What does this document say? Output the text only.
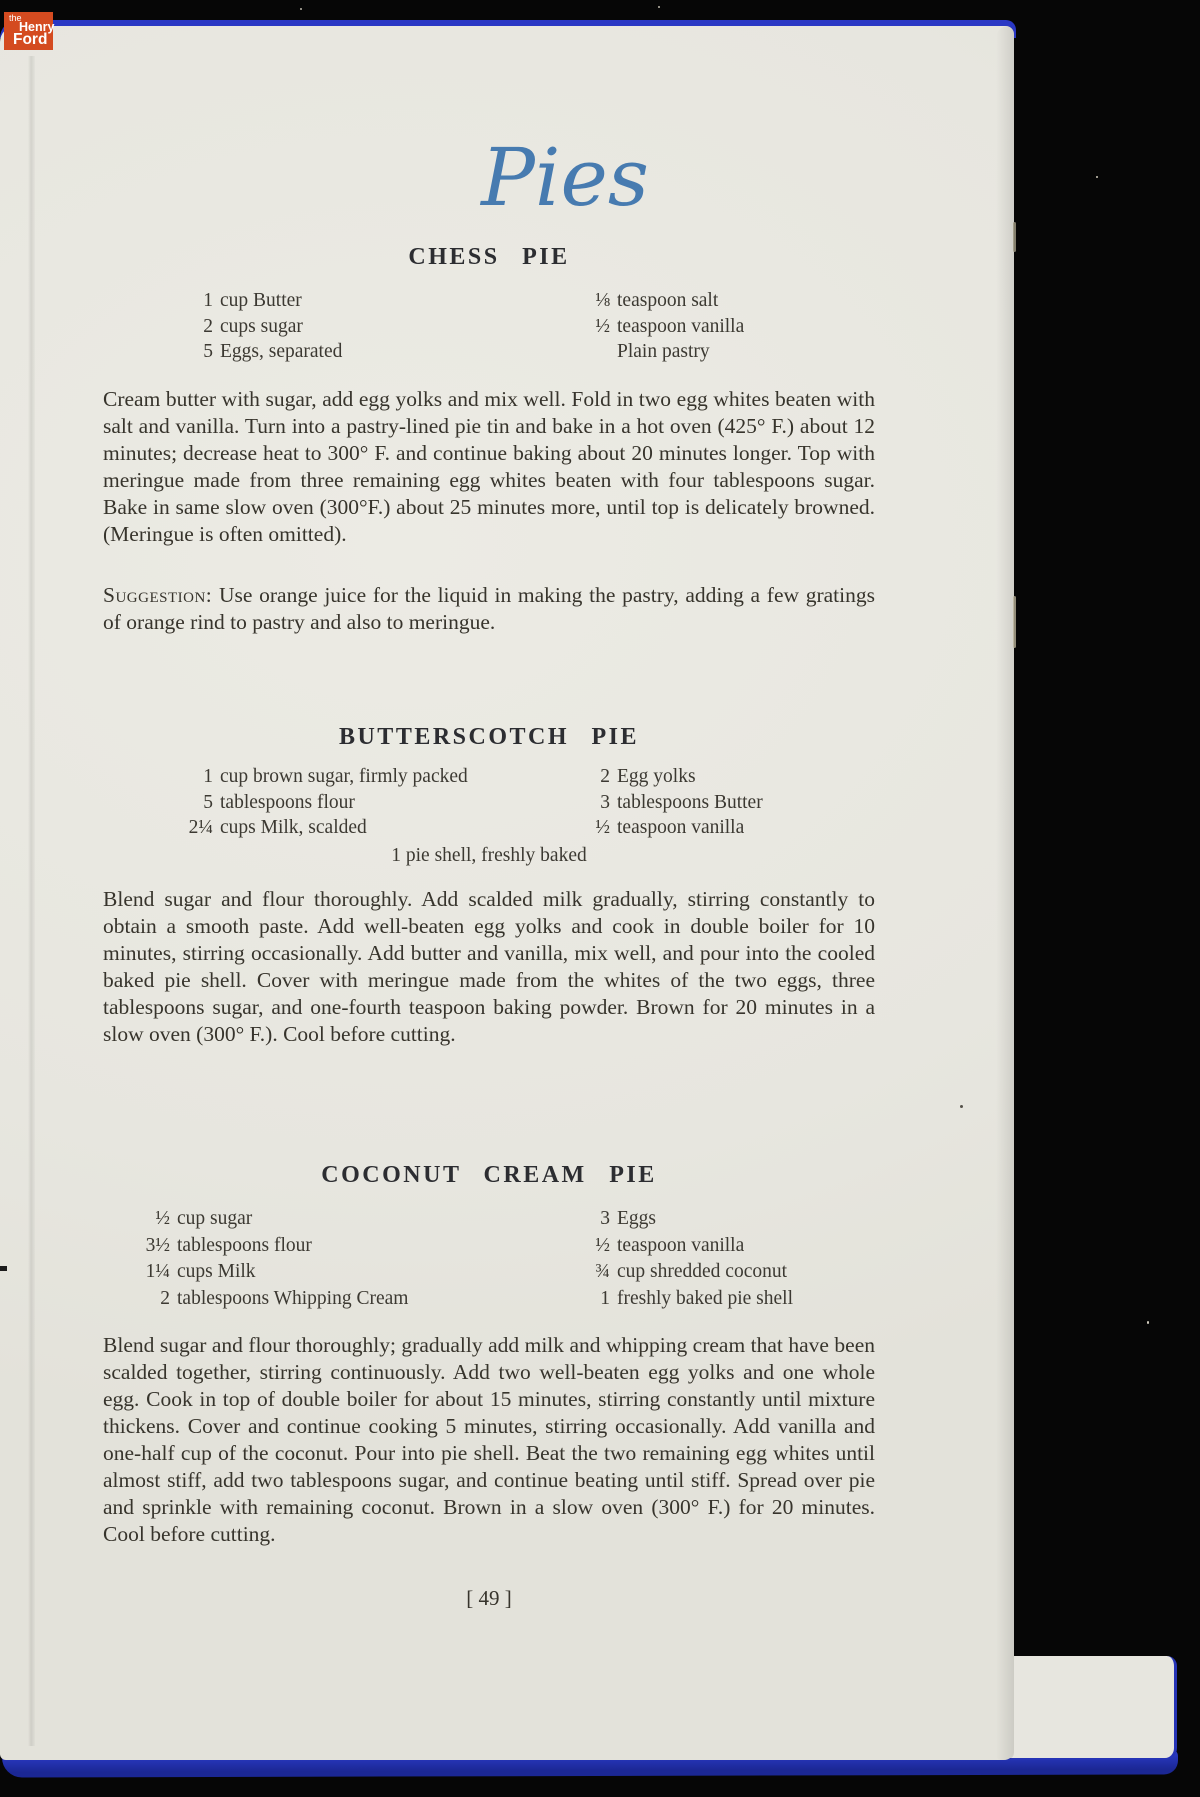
Pies
CHESS PIE
1 cup Butter
2 cups sugar
5 Eggs, separated
⅛ teaspoon salt
½ teaspoon vanilla
Plain pastry

Cream butter with sugar, add egg yolks and mix well. Fold in two egg whites beaten with salt and vanilla. Turn into a pastry-lined pie tin and bake in a hot oven (425° F.) about 12 minutes; decrease heat to 300° F. and continue baking about 20 minutes longer. Top with meringue made from three remaining egg whites beaten with four tablespoons sugar. Bake in same slow oven (300°F.) about 25 minutes more, until top is delicately browned. (Meringue is often omitted).

Suggestion: Use orange juice for the liquid in making the pastry, adding a few gratings of orange rind to pastry and also to meringue.

BUTTERSCOTCH PIE
1 cup brown sugar, firmly packed
5 tablespoons flour
2¼ cups Milk, scalded
2 Egg yolks
3 tablespoons Butter
½ teaspoon vanilla
1 pie shell, freshly baked

Blend sugar and flour thoroughly. Add scalded milk gradually, stirring constantly to obtain a smooth paste. Add well-beaten egg yolks and cook in double boiler for 10 minutes, stirring occasionally. Add butter and vanilla, mix well, and pour into the cooled baked pie shell. Cover with meringue made from the whites of the two eggs, three tablespoons sugar, and one-fourth teaspoon baking powder. Brown for 20 minutes in a slow oven (300° F.). Cool before cutting.

COCONUT CREAM PIE
½ cup sugar
3½ tablespoons flour
1¼ cups Milk
2 tablespoons Whipping Cream
3 Eggs
½ teaspoon vanilla
¾ cup shredded coconut
1 freshly baked pie shell

Blend sugar and flour thoroughly; gradually add milk and whipping cream that have been scalded together, stirring continuously. Add two well-beaten egg yolks and one whole egg. Cook in top of double boiler for about 15 minutes, stirring constantly until mixture thickens. Cover and continue cooking 5 minutes, stirring occasionally. Add vanilla and one-half cup of the coconut. Pour into pie shell. Beat the two remaining egg whites until almost stiff, add two tablespoons sugar, and continue beating until stiff. Spread over pie and sprinkle with remaining coconut. Brown in a slow oven (300° F.) for 20 minutes. Cool before cutting.

[ 49 ]
the
Henry
Ford
